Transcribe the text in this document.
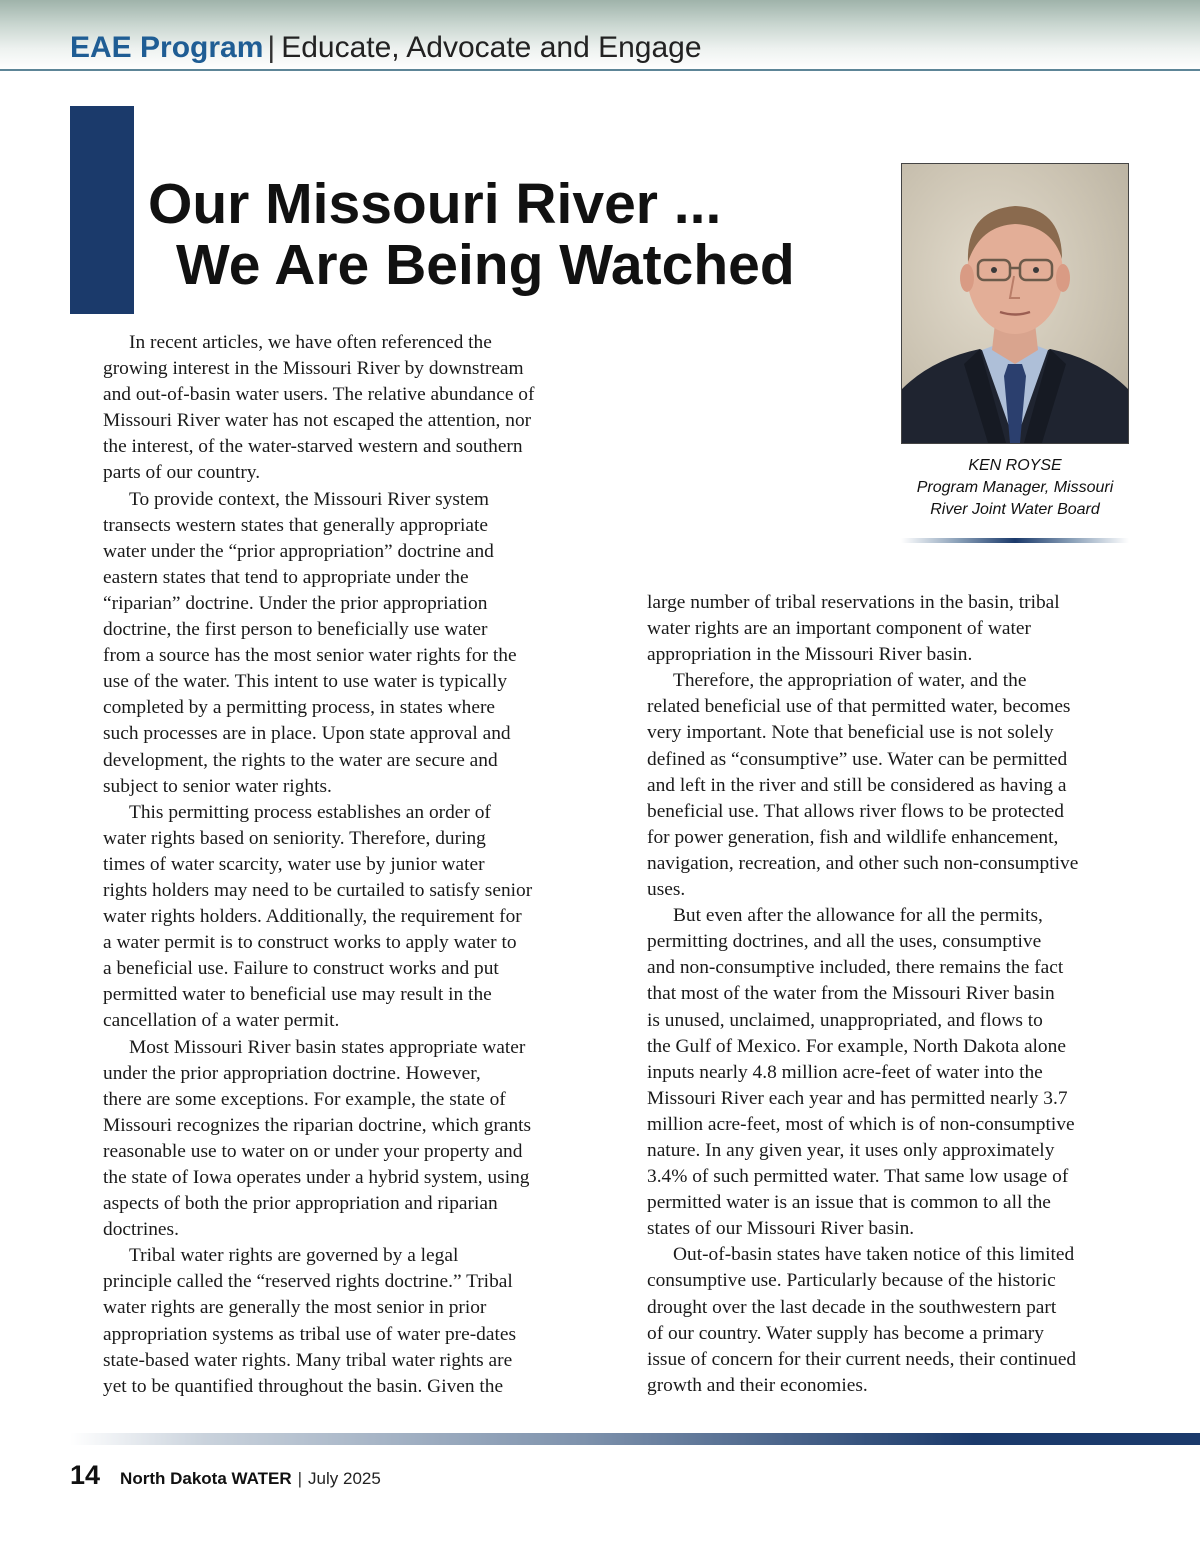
EAE Program | Educate, Advocate and Engage
Our Missouri River ...
We Are Being Watched
KEN ROYSE
Program Manager, Missouri
River Joint Water Board
In recent articles, we have often referenced the
growing interest in the Missouri River by downstream
and out-of-basin water users. The relative abundance of
Missouri River water has not escaped the attention, nor
the interest, of the water-starved western and southern
parts of our country.
To provide context, the Missouri River system
transects western states that generally appropriate
water under the “prior appropriation” doctrine and
eastern states that tend to appropriate under the
“riparian” doctrine. Under the prior appropriation
doctrine, the first person to beneficially use water
from a source has the most senior water rights for the
use of the water. This intent to use water is typically
completed by a permitting process, in states where
such processes are in place. Upon state approval and
development, the rights to the water are secure and
subject to senior water rights.
This permitting process establishes an order of
water rights based on seniority. Therefore, during
times of water scarcity, water use by junior water
rights holders may need to be curtailed to satisfy senior
water rights holders. Additionally, the requirement for
a water permit is to construct works to apply water to
a beneficial use. Failure to construct works and put
permitted water to beneficial use may result in the
cancellation of a water permit.
Most Missouri River basin states appropriate water
under the prior appropriation doctrine. However,
there are some exceptions. For example, the state of
Missouri recognizes the riparian doctrine, which grants
reasonable use to water on or under your property and
the state of Iowa operates under a hybrid system, using
aspects of both the prior appropriation and riparian
doctrines.
Tribal water rights are governed by a legal
principle called the “reserved rights doctrine.” Tribal
water rights are generally the most senior in prior
appropriation systems as tribal use of water pre-dates
state-based water rights. Many tribal water rights are
yet to be quantified throughout the basin. Given the
large number of tribal reservations in the basin, tribal
water rights are an important component of water
appropriation in the Missouri River basin.
Therefore, the appropriation of water, and the
related beneficial use of that permitted water, becomes
very important. Note that beneficial use is not solely
defined as “consumptive” use. Water can be permitted
and left in the river and still be considered as having a
beneficial use. That allows river flows to be protected
for power generation, fish and wildlife enhancement,
navigation, recreation, and other such non-consumptive
uses.
But even after the allowance for all the permits,
permitting doctrines, and all the uses, consumptive
and non-consumptive included, there remains the fact
that most of the water from the Missouri River basin
is unused, unclaimed, unappropriated, and flows to
the Gulf of Mexico. For example, North Dakota alone
inputs nearly 4.8 million acre-feet of water into the
Missouri River each year and has permitted nearly 3.7
million acre-feet, most of which is of non-consumptive
nature. In any given year, it uses only approximately
3.4% of such permitted water. That same low usage of
permitted water is an issue that is common to all the
states of our Missouri River basin.
Out-of-basin states have taken notice of this limited
consumptive use. Particularly because of the historic
drought over the last decade in the southwestern part
of our country. Water supply has become a primary
issue of concern for their current needs, their continued
growth and their economies.
14 North Dakota WATER | July 2025
